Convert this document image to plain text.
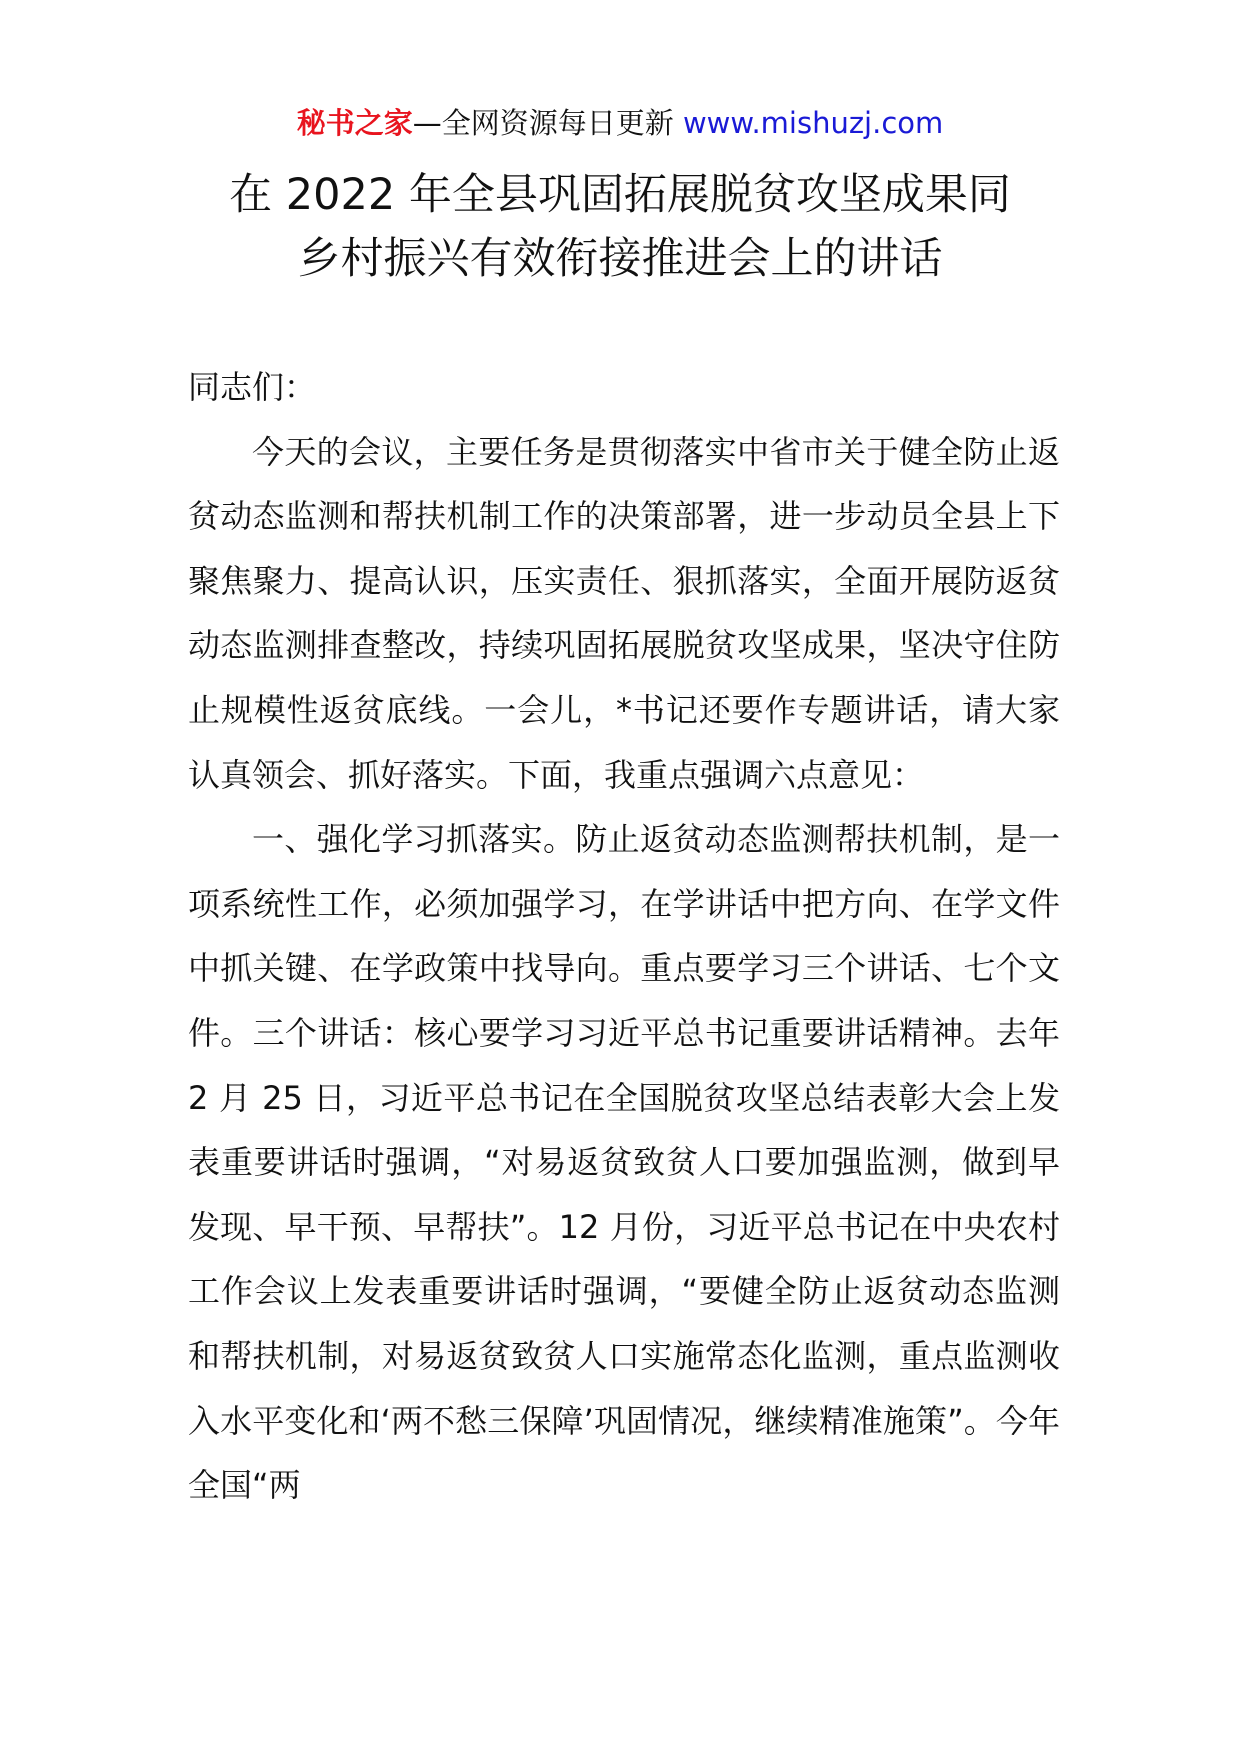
秘书之家—全网资源每日更新 www.mishuzj.com
在 2022 年全县巩固拓展脱贫攻坚成果同
乡村振兴有效衔接推进会上的讲话

同志们：

今天的会议，主要任务是贯彻落实中省市关于健全防止返贫动态监测和帮扶机制工作的决策部署，进一步动员全县上下聚焦聚力、提高认识，压实责任、狠抓落实，全面开展防返贫动态监测排查整改，持续巩固拓展脱贫攻坚成果，坚决守住防止规模性返贫底线。一会儿，*书记还要作专题讲话，请大家认真领会、抓好落实。下面，我重点强调六点意见：

一、强化学习抓落实。防止返贫动态监测帮扶机制，是一项系统性工作，必须加强学习，在学讲话中把方向、在学文件中抓关键、在学政策中找导向。重点要学习三个讲话、七个文件。三个讲话：核心要学习习近平总书记重要讲话精神。去年 2 月 25 日，习近平总书记在全国脱贫攻坚总结表彰大会上发表重要讲话时强调，“对易返贫致贫人口要加强监测，做到早发现、早干预、早帮扶”。12 月份，习近平总书记在中央农村工作会议上发表重要讲话时强调，“要健全防止返贫动态监测和帮扶机制，对易返贫致贫人口实施常态化监测，重点监测收入水平变化和‘两不愁三保障’巩固情况，继续精准施策”。今年全国“两
